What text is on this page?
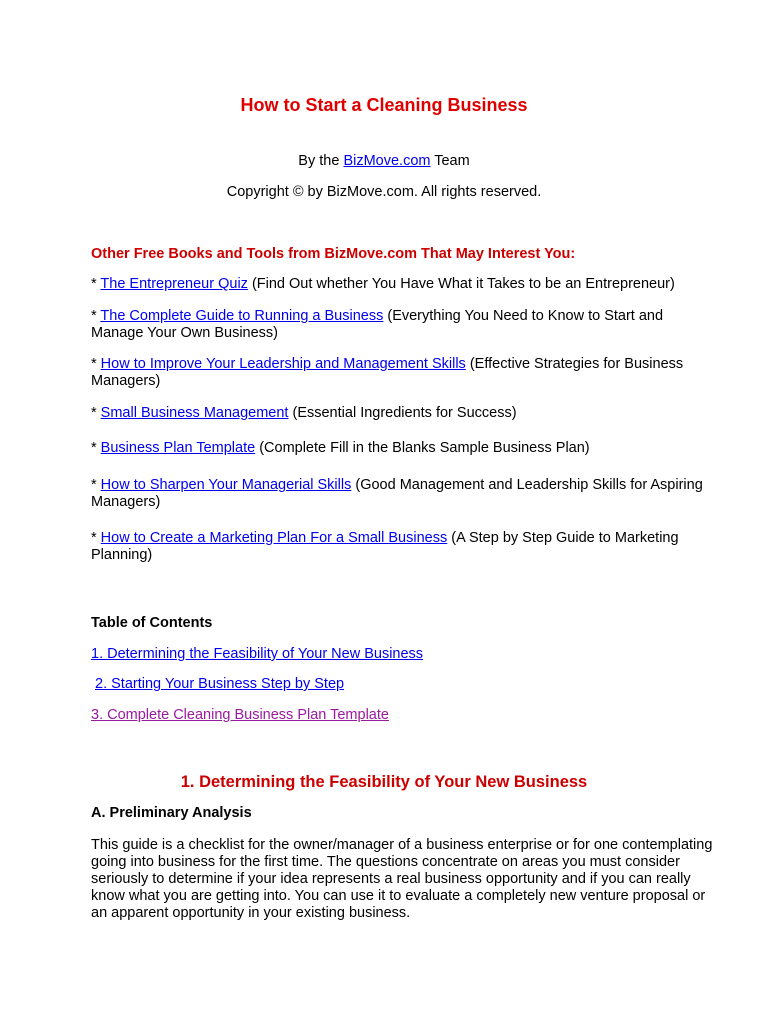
How to Start a Cleaning Business
By the BizMove.com Team
Copyright © by BizMove.com. All rights reserved.
Other Free Books and Tools from BizMove.com That May Interest You:
* The Entrepreneur Quiz (Find Out whether You Have What it Takes to be an Entrepreneur)
* The Complete Guide to Running a Business (Everything You Need to Know to Start and Manage Your Own Business)
* How to Improve Your Leadership and Management Skills (Effective Strategies for Business Managers)
* Small Business Management (Essential Ingredients for Success)
* Business Plan Template (Complete Fill in the Blanks Sample Business Plan)
* How to Sharpen Your Managerial Skills (Good Management and Leadership Skills for Aspiring Managers)
* How to Create a Marketing Plan For a Small Business (A Step by Step Guide to Marketing Planning)
Table of Contents
1. Determining the Feasibility of Your New Business
2. Starting Your Business Step by Step
3. Complete Cleaning Business Plan Template
1. Determining the Feasibility of Your New Business
A. Preliminary Analysis
This guide is a checklist for the owner/manager of a business enterprise or for one contemplating going into business for the first time. The questions concentrate on areas you must consider seriously to determine if your idea represents a real business opportunity and if you can really know what you are getting into. You can use it to evaluate a completely new venture proposal or an apparent opportunity in your existing business.
